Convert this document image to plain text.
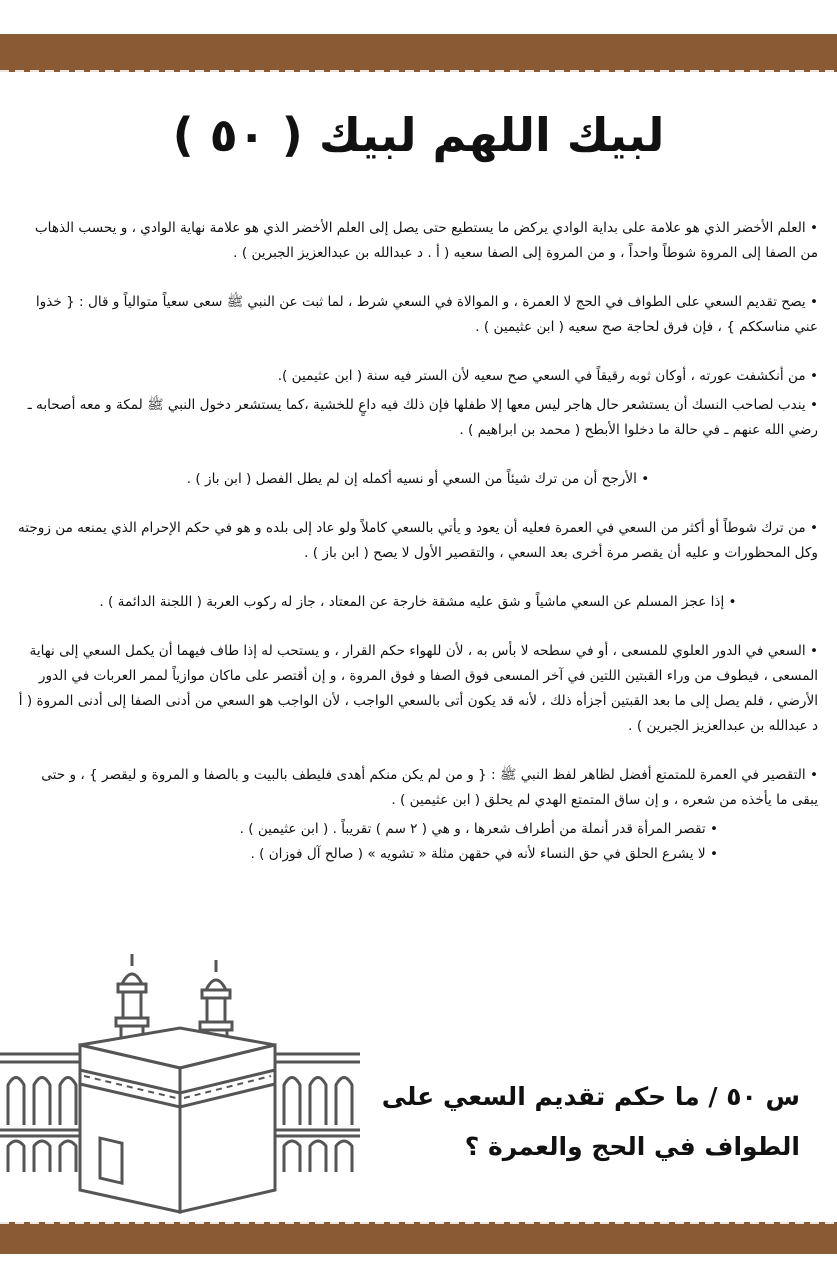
لبيك اللهم لبيك ( ٥٠ )

• العلم الأخضر الذي هو علامة على بداية الوادي يركض ما يستطيع حتى يصل إلى العلم الأخضر الذي هو علامة نهاية الوادي ، و يحسب الذهاب من الصفا إلى المروة شوطاً واحداً ، و من المروة إلى الصفا سعيه ( أ . د عبدالله بن عبدالعزيز الجبرين ) .

• يصح تقديم السعي على الطواف في الحج لا العمرة ، و الموالاة في السعي شرط ، لما ثبت عن النبي ﷺ سعى سعياً متوالياً و قال : { خذوا عني مناسككم } ، فإن فرق لحاجة صح سعيه ( ابن عثيمين ) .

• من أنكشفت عورته ، أوكان ثوبه رقيقاً في السعي صح سعيه لأن الستر فيه سنة ( ابن عثيمين ).

• يندب لصاحب النسك أن يستشعر حال هاجر ليس معها إلا طفلها فإن ذلك فيه داعٍ للخشية ،كما يستشعر دخول النبي ﷺ لمكة و معه أصحابه ـ رضي الله عنهم ـ في حالة ما دخلوا الأبطح ( محمد بن ابراهيم ) .

• الأرجح أن من ترك شيئاً من السعي أو نسيه أكمله إن لم يطل الفصل ( ابن باز ) .

• من ترك شوطاً أو أكثر من السعي في العمرة فعليه أن يعود و يأتي بالسعي كاملاً ولو عاد إلى بلده و هو في حكم الإحرام الذي يمنعه من زوجته وكل المحظورات و عليه أن يقصر مرة أخرى بعد السعي ، والتقصير الأول لا يصح ( ابن باز ) .

• إذا عجز المسلم عن السعي ماشياً و شق عليه مشقة خارجة عن المعتاد ، جاز له ركوب العربة ( اللجنة الدائمة ) .

• السعي في الدور العلوي للمسعى ، أو في سطحه لا بأس به ، لأن للهواء حكم القرار ، و يستحب له إذا طاف فيهما أن يكمل السعي إلى نهاية المسعى ، فيطوف من وراء القبتين اللتين في آخر المسعى فوق الصفا و فوق المروة ، و إن أقتصر على ماكان موازياً لممر العربات في الدور الأرضي ، فلم يصل إلى ما بعد القبتين أجزأه ذلك ، لأنه قد يكون أتى بالسعي الواجب ، لأن الواجب هو السعي من أدنى الصفا إلى أدنى المروة ( أ د عبدالله بن عبدالعزيز الجبرين ) .

• التقصير في العمرة للمتمتع أفضل لظاهر لفظ النبي ﷺ : { و من لم يكن منكم أهدى فليطف بالبيت و بالصفا و المروة و ليقصر } ، و حتى يبقى ما يأخذه من شعره ، و إن ساق المتمتع الهدي لم يحلق ( ابن عثيمين ) .

• تقصر المرأة قدر أنملة من أطراف شعرها ، و هي ( ٢ سم ) تقريباً . ( ابن عثيمين ) .

• لا يشرع الحلق في حق النساء لأنه في حقهن مثلة « تشويه » ( صالح آل فوزان ) .

س ٥٠ / ما حكم تقديم السعي على
الطواف في الحج والعمرة ؟
